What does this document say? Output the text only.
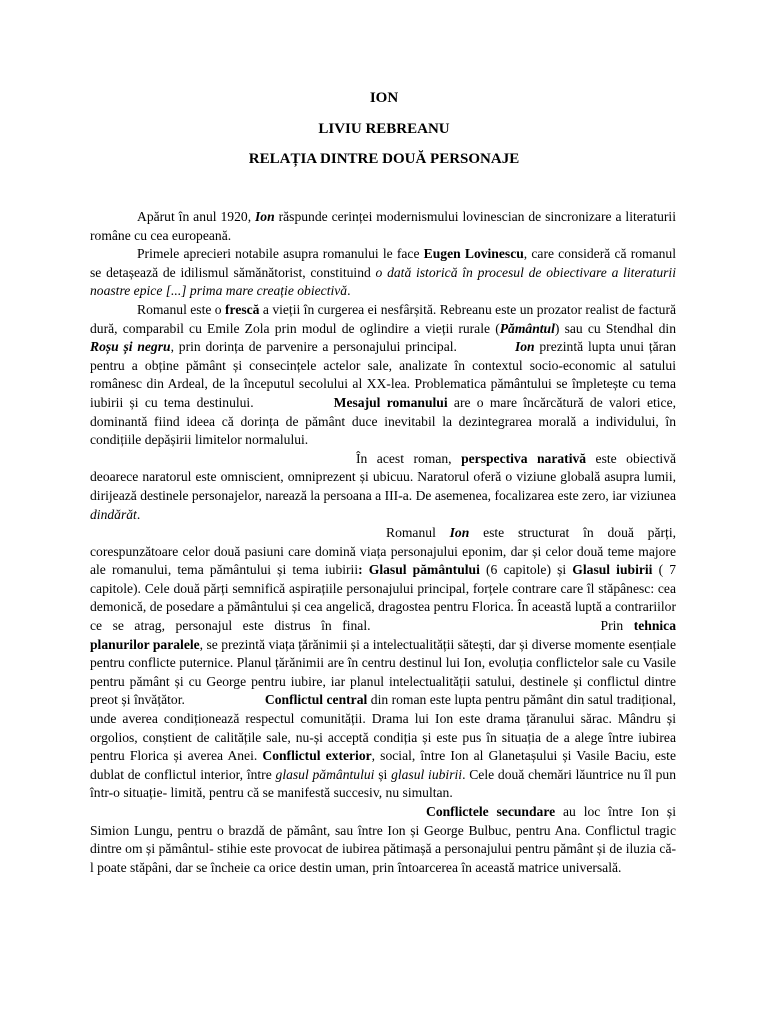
ION
LIVIU REBREANU
RELAȚIA DINTRE DOUĂ PERSONAJE

Apărut în anul 1920, Ion răspunde cerinței modernismului lovinescian de sincronizare a literaturii române cu cea europeană.

Primele aprecieri notabile asupra romanului le face Eugen Lovinescu, care consideră că romanul se detașează de idilismul sămănătorist, constituind o dată istorică în procesul de obiectivare a literaturii noastre epice [...] prima mare creație obiectivă.

Romanul este o frescă a vieții în curgerea ei nesfârșită. Rebreanu este un prozator realist de factură dură, comparabil cu Emile Zola prin modul de oglindire a vieții rurale (Pământul) sau cu Stendhal din Roșu și negru, prin dorința de parvenire a personajului principal.	Ion prezintă lupta unui țăran pentru a obține pământ și consecințele actelor sale, analizate în contextul socio-economic al satului românesc din Ardeal, de la începutul secolului al XX-lea. Problematica pământului se împletește cu tema iubirii și cu tema destinului.	Mesajul romanului are o mare încărcătură de valori etice, dominantă fiind ideea că dorința de pământ duce inevitabil la dezintegrarea morală a individului, în condițiile depășirii limitelor normalului.

În acest roman, perspectiva narativă este obiectivă deoarece naratorul este omniscient, omniprezent și ubicuu. Naratorul oferă o viziune globală asupra lumii, dirijează destinele personajelor, narează la persoana a III-a. De asemenea, focalizarea este zero, iar viziunea dindărăt.

Romanul Ion este structurat în două părți, corespunzătoare celor două pasiuni care domină viața personajului eponim, dar și celor două teme majore ale romanului, tema pământului și tema iubirii: Glasul pământului (6 capitole) și Glasul iubirii ( 7 capitole). Cele două părți semnifică aspirațiile personajului principal, forțele contrare care îl stăpânesc: cea demonică, de posedare a pământului și cea angelică, dragostea pentru Florica. În această luptă a contrariilor ce se atrag, personajul este distrus în final.	Prin tehnica planurilor paralele, se prezintă viața țărănimii și a intelectualității sătești, dar și diverse momente esențiale pentru conflicte puternice. Planul țărănimii are în centru destinul lui Ion, evoluția conflictelor sale cu Vasile pentru pământ și cu George pentru iubire, iar planul intelectualității satului, destinele și conflictul dintre preot și învățător.	Conflictul central din roman este lupta pentru pământ din satul tradițional, unde averea condiționează respectul comunității. Drama lui Ion este drama țăranului sărac. Mândru și orgolios, conștient de calitățile sale, nu-și acceptă condiția și este pus în situația de a alege între iubirea pentru Florica și averea Anei. Conflictul exterior, social, între Ion al Glanetașului și Vasile Baciu, este dublat de conflictul interior, între glasul pământului și glasul iubirii. Cele două chemări lăuntrice nu îl pun într-o situație- limită, pentru că se manifestă succesiv, nu simultan.

Conflictele secundare au loc între Ion și Simion Lungu, pentru o brazdă de pământ, sau între Ion și George Bulbuc, pentru Ana. Conflictul tragic dintre om și pământul- stihie este provocat de iubirea pătimașă a personajului pentru pământ și de iluzia că-l poate stăpâni, dar se încheie ca orice destin uman, prin întoarcerea în această matrice universală.
